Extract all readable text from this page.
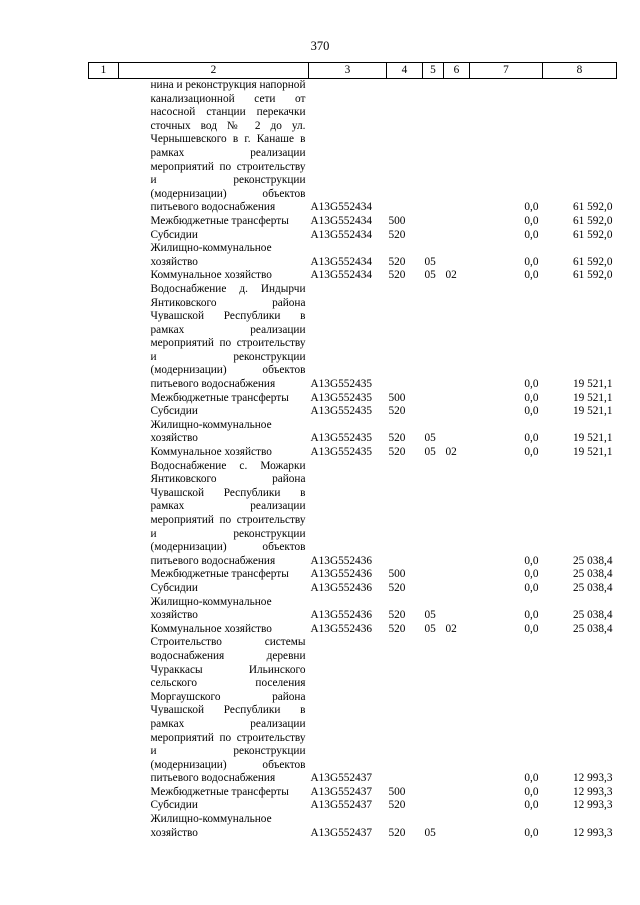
370
1	2	3	4	5	6	7	8
	нина и реконструкция напорной канализационной сети от насосной станции перекачки сточных вод № 2 до ул. Чернышевского в г. Канаше в рамках реализации мероприятий по строительству и реконструкции (модернизации) объектов питьевого водоснабжения	А13G552434				0,0	61 592,0
	Межбюджетные трансферты	А13G552434	500			0,0	61 592,0
	Субсидии	А13G552434	520			0,0	61 592,0
	Жилищно-коммунальное хозяйство	А13G552434	520	05		0,0	61 592,0
	Коммунальное хозяйство	А13G552434	520	05	02	0,0	61 592,0
	Водоснабжение д. Индырчи Янтиковского района Чувашской Республики в рамках реализации мероприятий по строительству и реконструкции (модернизации) объектов питьевого водоснабжения	А13G552435				0,0	19 521,1
	Межбюджетные трансферты	А13G552435	500			0,0	19 521,1
	Субсидии	А13G552435	520			0,0	19 521,1
	Жилищно-коммунальное хозяйство	А13G552435	520	05		0,0	19 521,1
	Коммунальное хозяйство	А13G552435	520	05	02	0,0	19 521,1
	Водоснабжение с. Можарки Янтиковского района Чувашской Республики в рамках реализации мероприятий по строительству и реконструкции (модернизации) объектов питьевого водоснабжения	А13G552436				0,0	25 038,4
	Межбюджетные трансферты	А13G552436	500			0,0	25 038,4
	Субсидии	А13G552436	520			0,0	25 038,4
	Жилищно-коммунальное хозяйство	А13G552436	520	05		0,0	25 038,4
	Коммунальное хозяйство	А13G552436	520	05	02	0,0	25 038,4
	Строительство системы водоснабжения деревни Чураккасы Ильинского сельского поселения Моргаушского района Чувашской Республики в рамках реализации мероприятий по строительству и реконструкции (модернизации) объектов питьевого водоснабжения	А13G552437				0,0	12 993,3
	Межбюджетные трансферты	А13G552437	500			0,0	12 993,3
	Субсидии	А13G552437	520			0,0	12 993,3
	Жилищно-коммунальное хозяйство	А13G552437	520	05		0,0	12 993,3
